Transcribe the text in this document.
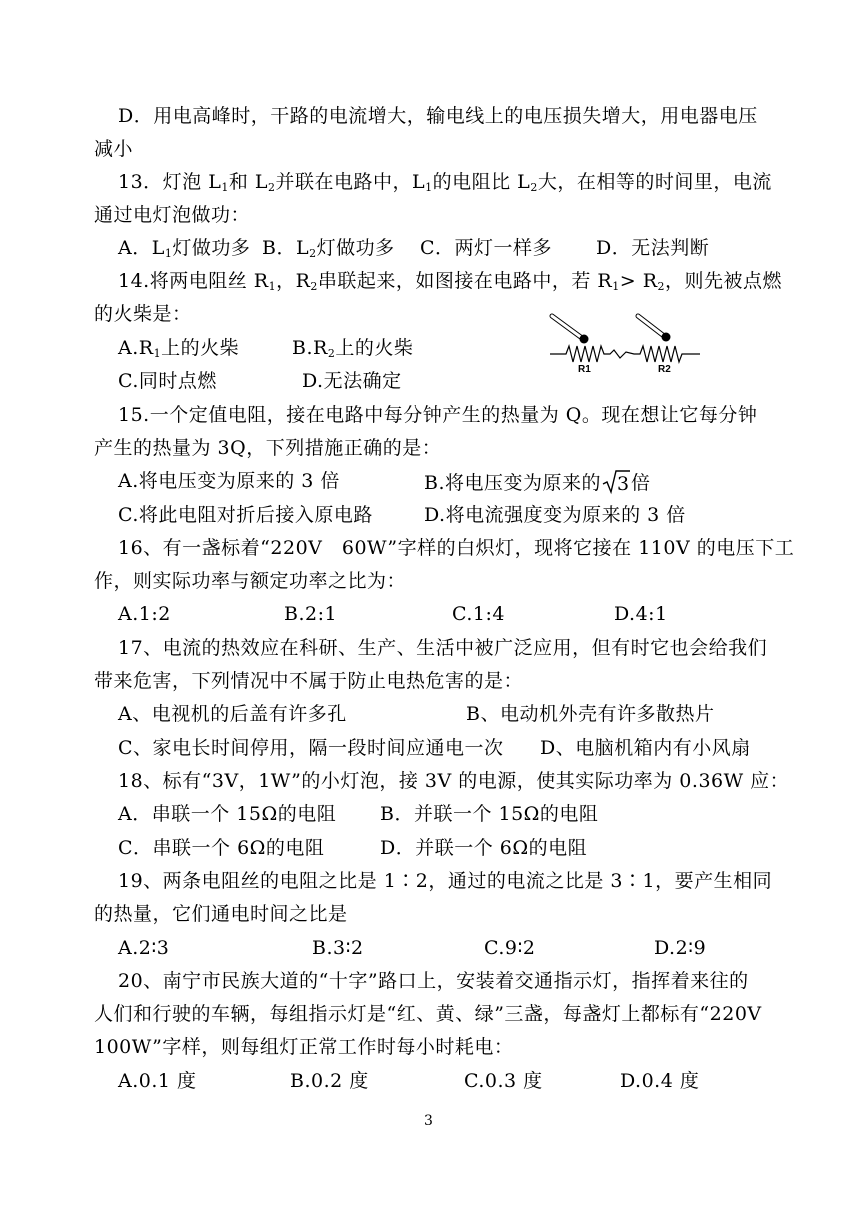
D．用电高峰时，干路的电流增大，输电线上的电压损失增大，用电器电压
减小
13．灯泡 $L_1$和 $L_2$并联在电路中，$L_1$的电阻比 $L_2$大，在相等的时间里，电流
通过电灯泡做功：
A．$L_1$灯做功多 B．$L_2$灯做功多 C．两灯一样多 D．无法判断
14.将两电阻丝 $R_1$，$R_2$串联起来，如图接在电路中，若 $R_1> R_2$，则先被点燃
的火柴是：
$A.R_1$上的火柴	$B.R_2$上的火柴
C.同时点燃	D.无法确定
R1	R2
15.一个定值电阻，接在电路中每分钟产生的热量为 Q。现在想让它每分钟
产生的热量为 3Q，下列措施正确的是：
A.将电压变为原来的 3 倍	B.将电压变为原来的 3 倍
C.将此电阻对折后接入原电路	D.将电流强度变为原来的 3 倍
16、有一盏标着“220V　60W”字样的白炽灯，现将它接在 110V 的电压下工
作，则实际功率与额定功率之比为：
A.1:2	B.2:1	C.1:4	D.4:1
17、电流的热效应在科研、生产、生活中被广泛应用，但有时它也会给我们
带来危害，下列情况中不属于防止电热危害的是：
A、电视机的后盖有许多孔	B、电动机外壳有许多散热片
C、家电长时间停用，隔一段时间应通电一次 D、电脑机箱内有小风扇
18、标有“3V，1W”的小灯泡，接 3V 的电源，使其实际功率为 0.36W 应：
A．串联一个 15Ω的电阻 B．并联一个 15Ω的电阻
C．串联一个 6Ω的电阻	D．并联一个 6Ω的电阻
19、两条电阻丝的电阻之比是 1∶2，通过的电流之比是 3∶1，要产生相同
的热量，它们通电时间之比是
A.2∶3	B.3∶2	C.9∶2	D.2∶9
20、南宁市民族大道的“十字”路口上，安装着交通指示灯，指挥着来往的
人们和行驶的车辆，每组指示灯是“红、黄、绿”三盏，每盏灯上都标有“220V
100W”字样，则每组灯正常工作时每小时耗电：
A.0.1 度	B.0.2 度	C.0.3 度	D.0.4 度
3
